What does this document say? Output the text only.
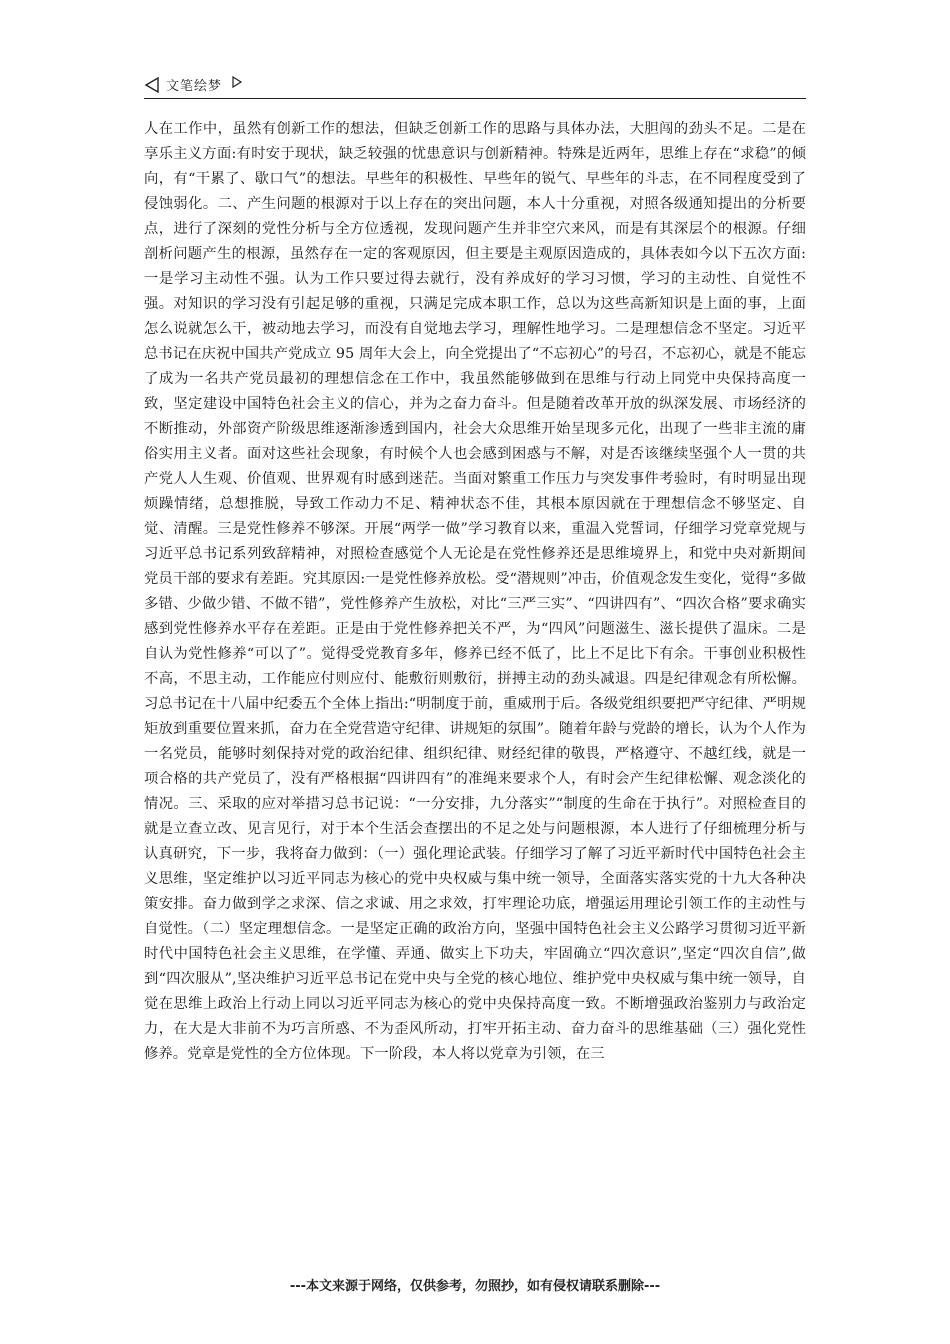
文笔绘梦

人在工作中，虽然有创新工作的想法，但缺乏创新工作的思路与具体办法，大胆闯的劲头不足。二是在享乐主义方面:有时安于现状，缺乏较强的忧患意识与创新精神。特殊是近两年，思维上存在“求稳”的倾向，有“干累了、歇口气”的想法。早些年的积极性、早些年的锐气、早些年的斗志，在不同程度受到了侵蚀弱化。二、产生问题的根源对于以上存在的突出问题，本人十分重视，对照各级通知提出的分析要点，进行了深刻的党性分析与全方位透视，发现问题产生并非空穴来风，而是有其深层个的根源。仔细剖析问题产生的根源，虽然存在一定的客观原因，但主要是主观原因造成的，具体表如今以下五次方面:一是学习主动性不强。认为工作只要过得去就行，没有养成好的学习习惯，学习的主动性、自觉性不强。对知识的学习没有引起足够的重视，只满足完成本职工作，总以为这些高新知识是上面的事，上面怎么说就怎么干，被动地去学习，而没有自觉地去学习，理解性地学习。二是理想信念不坚定。习近平总书记在庆祝中国共产党成立 95 周年大会上，向全党提出了“不忘初心”的号召，不忘初心，就是不能忘了成为一名共产党员最初的理想信念在工作中，我虽然能够做到在思维与行动上同党中央保持高度一致，坚定建设中国特色社会主义的信心，并为之奋力奋斗。但是随着改革开放的纵深发展、市场经济的不断推动，外部资产阶级思维逐渐渗透到国内，社会大众思维开始呈现多元化，出现了一些非主流的庸俗实用主义者。面对这些社会现象，有时候个人也会感到困惑与不解，对是否该继续坚强个人一贯的共产党人人生观、价值观、世界观有时感到迷茫。当面对繁重工作压力与突发事件考验时，有时明显出现烦躁情绪，总想推脱，导致工作动力不足、精神状态不佳，其根本原因就在于理想信念不够坚定、自觉、清醒。三是党性修养不够深。开展“两学一做”学习教育以来，重温入党誓词，仔细学习党章党规与习近平总书记系列致辞精神，对照检查感觉个人无论是在党性修养还是思维境界上，和党中央对新期间党员干部的要求有差距。究其原因:一是党性修养放松。受“潜规则”冲击，价值观念发生变化，觉得“多做多错、少做少错、不做不错”，党性修养产生放松，对比“三严三实”、“四讲四有”、“四次合格”要求确实感到党性修养水平存在差距。正是由于党性修养把关不严，为“四风”问题滋生、滋长提供了温床。二是自认为党性修养“可以了”。觉得受党教育多年，修养已经不低了，比上不足比下有余。干事创业积极性不高，不思主动，工作能应付则应付、能敷衍则敷衍，拼搏主动的劲头减退。四是纪律观念有所松懈。习总书记在十八届中纪委五个全体上指出:“明制度于前，重威刑于后。各级党组织要把严守纪律、严明规矩放到重要位置来抓，奋力在全党营造守纪律、讲规矩的氛围”。随着年龄与党龄的增长，认为个人作为一名党员，能够时刻保持对党的政治纪律、组织纪律、财经纪律的敬畏，严格遵守、不越红线，就是一项合格的共产党员了，没有严格根据“四讲四有”的准绳来要求个人，有时会产生纪律松懈、观念淡化的情况。三、采取的应对举措习总书记说：“一分安排，九分落实”“制度的生命在于执行”。对照检查目的就是立查立改、见言见行，对于本个生活会查摆出的不足之处与问题根源，本人进行了仔细梳理分析与认真研究，下一步，我将奋力做到：（一）强化理论武装。仔细学习了解了习近平新时代中国特色社会主义思维，坚定维护以习近平同志为核心的党中央权威与集中统一领导，全面落实落实党的十九大各种决策安排。奋力做到学之求深、信之求诚、用之求效，打牢理论功底，增强运用理论引领工作的主动性与自觉性。（二）坚定理想信念。一是坚定正确的政治方向，坚强中国特色社会主义公路学习贯彻习近平新时代中国特色社会主义思维，在学懂、弄通、做实上下功夫，牢固确立“四次意识”,坚定“四次自信”,做到“四次服从”,坚决维护习近平总书记在党中央与全党的核心地位、维护党中央权威与集中统一领导，自觉在思维上政治上行动上同以习近平同志为核心的党中央保持高度一致。不断增强政治鉴别力与政治定力，在大是大非前不为巧言所惑、不为歪风所动，打牢开拓主动、奋力奋斗的思维基础（三）强化党性修养。党章是党性的全方位体现。下一阶段，本人将以党章为引领，在三

---本文来源于网络，仅供参考，勿照抄，如有侵权请联系删除---
